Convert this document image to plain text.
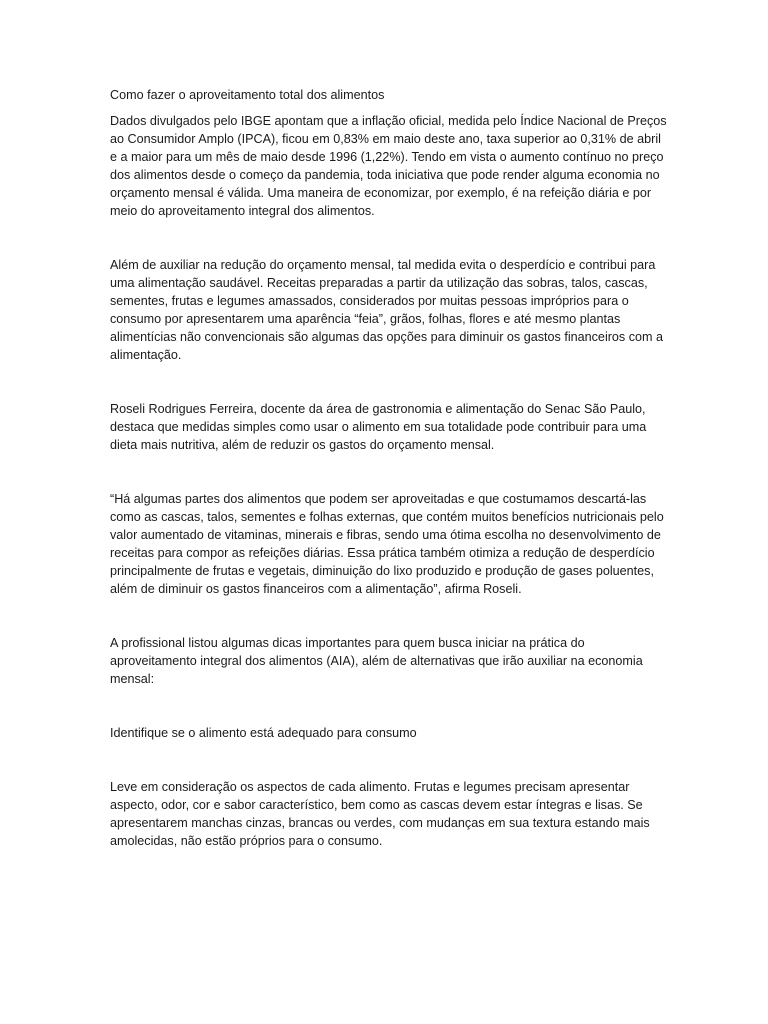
Como fazer o aproveitamento total dos alimentos

Dados divulgados pelo IBGE apontam que a inflação oficial, medida pelo Índice Nacional de Preços ao Consumidor Amplo (IPCA), ficou em 0,83% em maio deste ano, taxa superior ao 0,31% de abril e a maior para um mês de maio desde 1996 (1,22%). Tendo em vista o aumento contínuo no preço dos alimentos desde o começo da pandemia, toda iniciativa que pode render alguma economia no orçamento mensal é válida. Uma maneira de economizar, por exemplo, é na refeição diária e por meio do aproveitamento integral dos alimentos.

Além de auxiliar na redução do orçamento mensal, tal medida evita o desperdício e contribui para uma alimentação saudável. Receitas preparadas a partir da utilização das sobras, talos, cascas, sementes, frutas e legumes amassados, considerados por muitas pessoas impróprios para o consumo por apresentarem uma aparência “feia”, grãos, folhas, flores e até mesmo plantas alimentícias não convencionais são algumas das opções para diminuir os gastos financeiros com a alimentação.

Roseli Rodrigues Ferreira, docente da área de gastronomia e alimentação do Senac São Paulo, destaca que medidas simples como usar o alimento em sua totalidade pode contribuir para uma dieta mais nutritiva, além de reduzir os gastos do orçamento mensal.

“Há algumas partes dos alimentos que podem ser aproveitadas e que costumamos descartá-las como as cascas, talos, sementes e folhas externas, que contém muitos benefícios nutricionais pelo valor aumentado de vitaminas, minerais e fibras, sendo uma ótima escolha no desenvolvimento de receitas para compor as refeições diárias. Essa prática também otimiza a redução de desperdício principalmente de frutas e vegetais, diminuição do lixo produzido e produção de gases poluentes, além de diminuir os gastos financeiros com a alimentação”, afirma Roseli.

A profissional listou algumas dicas importantes para quem busca iniciar na prática do aproveitamento integral dos alimentos (AIA), além de alternativas que irão auxiliar na economia mensal:

Identifique se o alimento está adequado para consumo

Leve em consideração os aspectos de cada alimento. Frutas e legumes precisam apresentar aspecto, odor, cor e sabor característico, bem como as cascas devem estar íntegras e lisas. Se apresentarem manchas cinzas, brancas ou verdes, com mudanças em sua textura estando mais amolecidas, não estão próprios para o consumo.
